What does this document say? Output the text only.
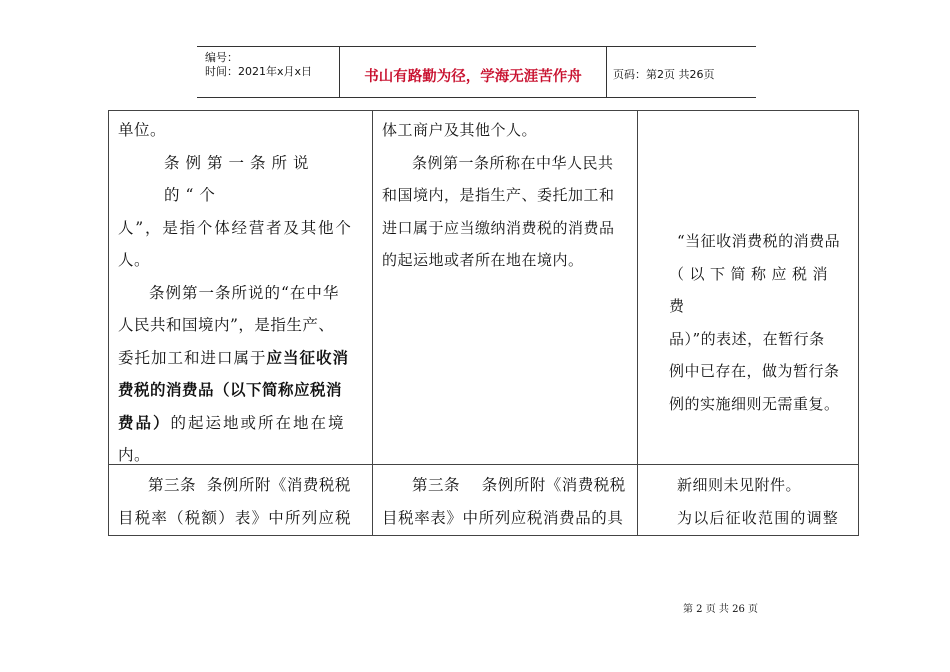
编号：
时间：2021年x月x日	书山有路勤为径，学海无涯苦作舟	页码：第2页 共26页

单位。

条例第一条所说的“个

人”，是指个体经营者及其他个

人。

条例第一条所说的“在中华

人民共和国境内”，是指生产、

委托加工和进口属于应当征收消

费税的消费品（以下简称应税消

费品）的起运地或所在地在境

内。

体工商户及其他个人。

条例第一条所称在中华人民共

和国境内，是指生产、委托加工和

进口属于应当缴纳消费税的消费品

的起运地或者所在地在境内。

“当征收消费税的消费品

（以下简称应税消费

品）”的表述，在暂行条

例中已存在，做为暂行条

例的实施细则无需重复。

第三条  条例所附《消费税税

目税率（税额）表》中所列应税

第三条    条例所附《消费税税

目税率表》中所列应税消费品的具

新细则未见附件。

为以后征收范围的调整

第 2 页 共 26 页
